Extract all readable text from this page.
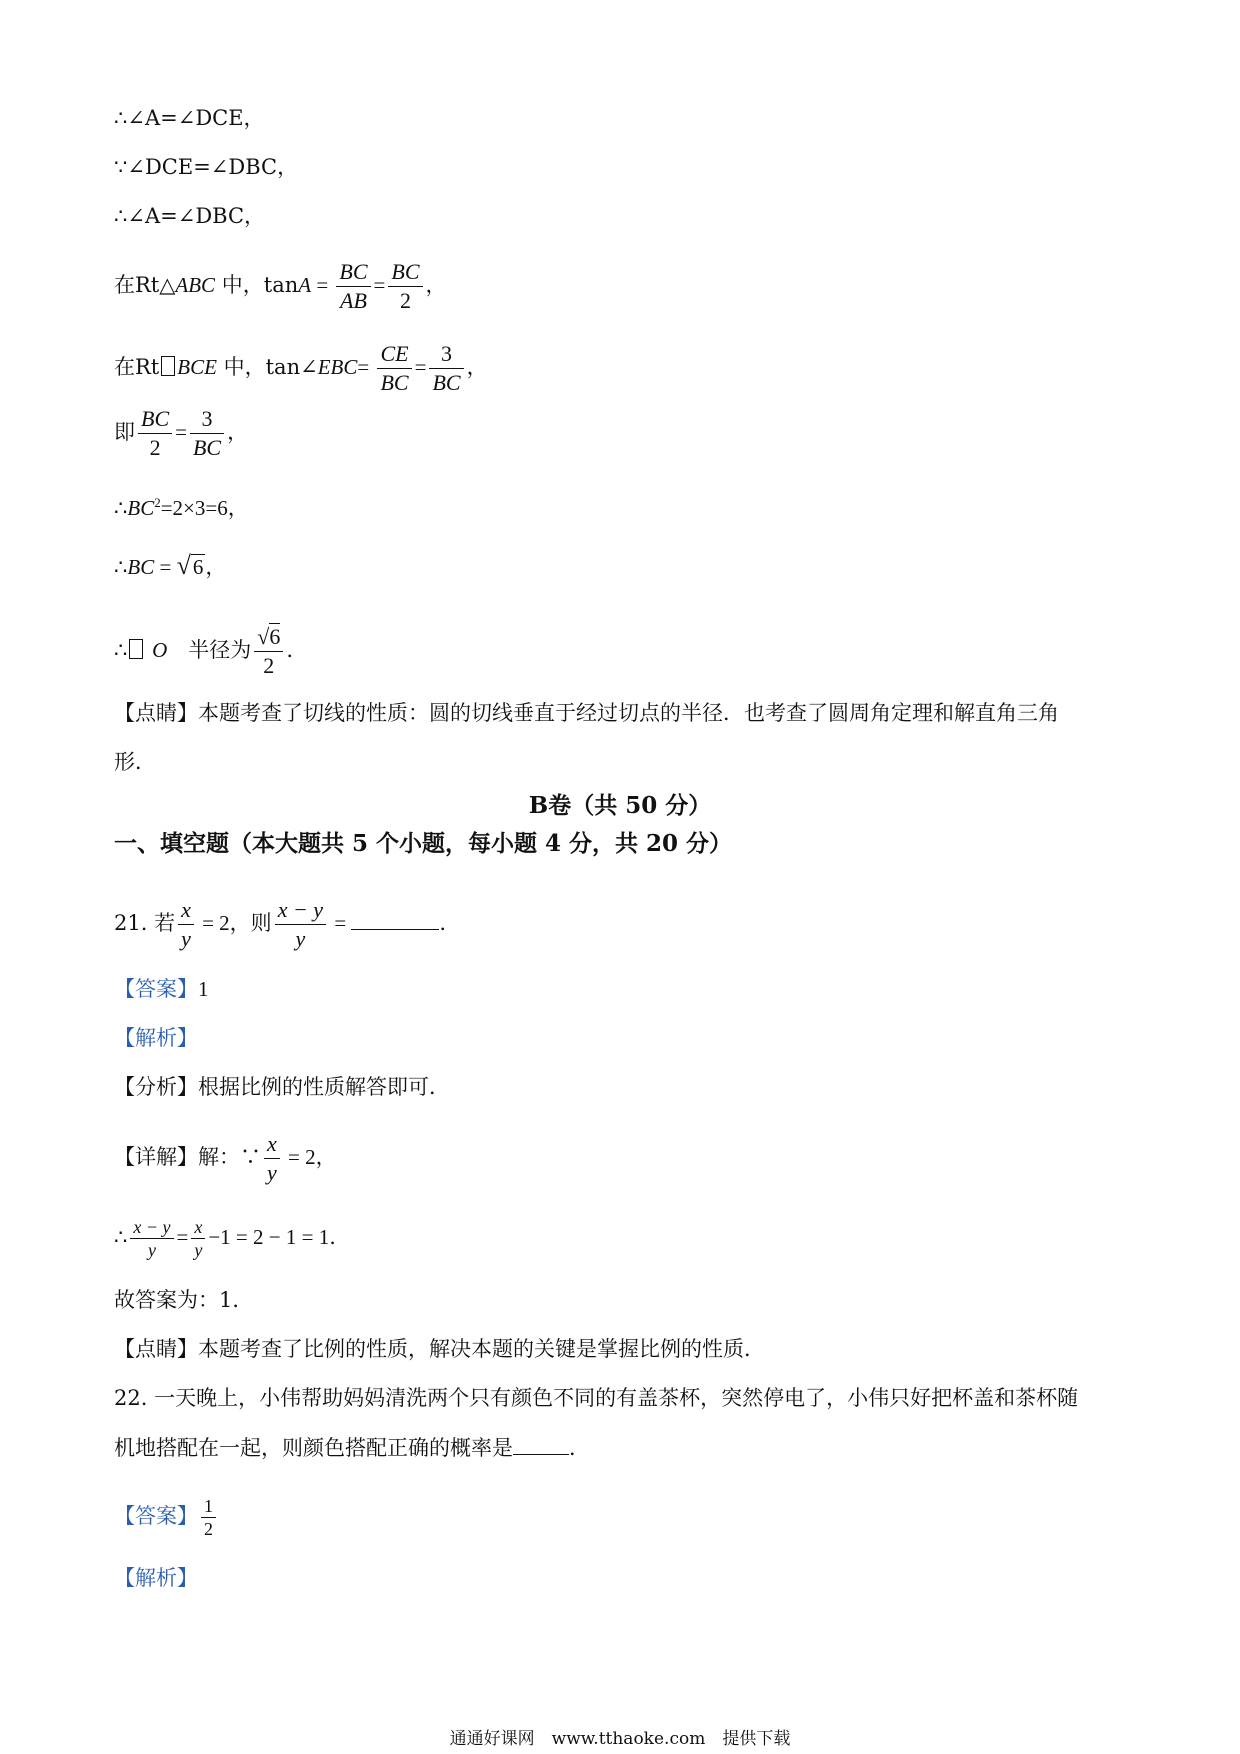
∴∠A=∠DCE，
∵∠DCE=∠DBC，
∴∠A=∠DBC，
在Rt△ABC 中，$\tan A = \frac{BC}{AB} = \frac{BC}{2}$ ，
在Rt BCE 中，tan∠EBC= $\frac{CE}{BC} = \frac{3}{BC}$ ，
即 $\frac{BC}{2} = \frac{3}{BC}$ ，
$\therefore BC^2=2\times 3=6$，
∴BC = √6，
∴ O　半径为 $\frac{√6}{2}$ .
【点睛】本题考查了切线的性质：圆的切线垂直于经过切点的半径．也考查了圆周角定理和解直角三角
形．
B卷（共 50 分）
一、填空题（本大题共 5 个小题，每小题 4 分，共 20 分）
21. 若 $\frac{x}{y} = 2$，则 $\frac{x - y}{y}$ =	.
【答案】1
【解析】
【分析】根据比例的性质解答即可．
【详解】解：∵ $\frac{x}{y} = 2$，
∴ $\frac{x - y}{y} = \frac{x}{y} -1 = 2 - 1 = 1$.
故答案为：1．
【点睛】本题考查了比例的性质，解决本题的关键是掌握比例的性质．
22. 一天晚上，小伟帮助妈妈清洗两个只有颜色不同的有盖茶杯，突然停电了，小伟只好把杯盖和茶杯随
机地搭配在一起，则颜色搭配正确的概率是	．
【答案】 $\frac{1}{2}$
【解析】
通通好课网　www.tthaoke.com　提供下载
